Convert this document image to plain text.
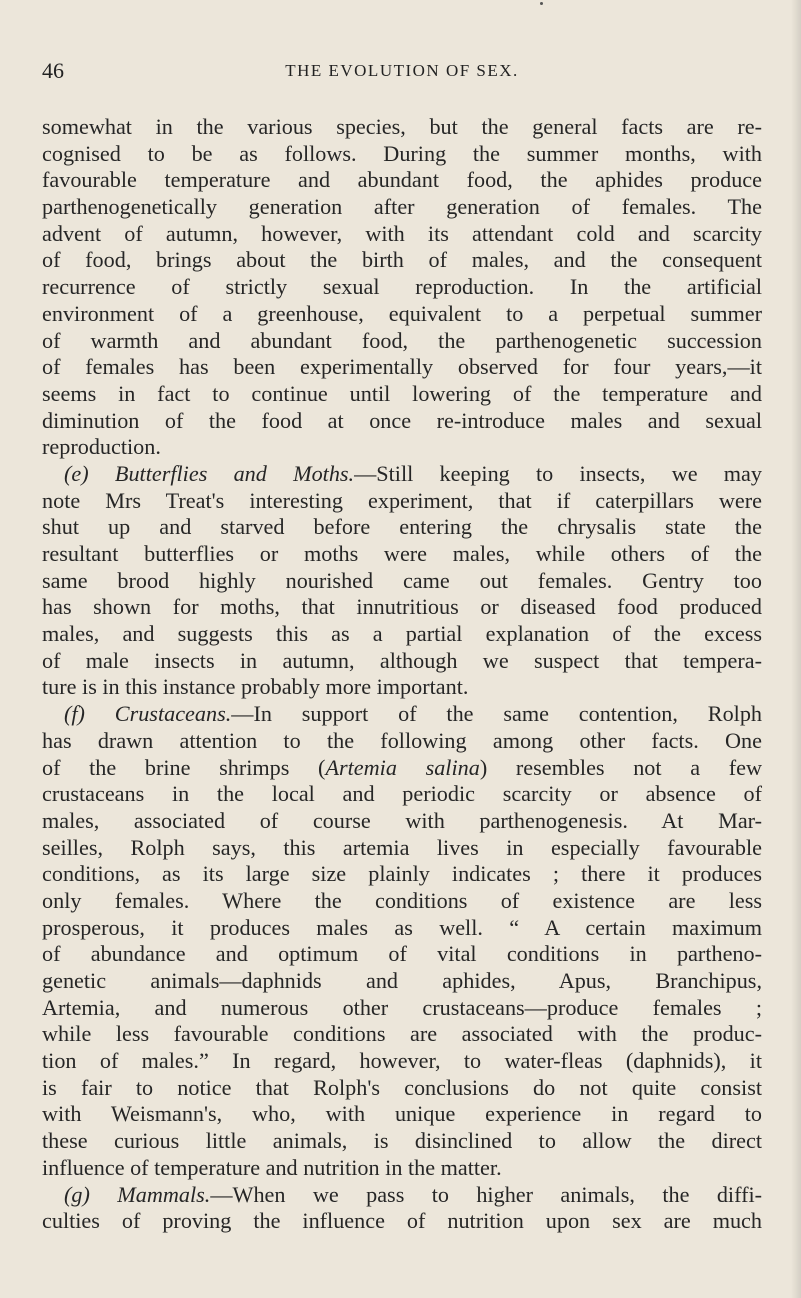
46	THE EVOLUTION OF SEX.
somewhat in the various species, but the general facts are re-
cognised to be as follows. During the summer months, with
favourable temperature and abundant food, the aphides produce
parthenogenetically generation after generation of females. The
advent of autumn, however, with its attendant cold and scarcity
of food, brings about the birth of males, and the consequent
recurrence of strictly sexual reproduction. In the artificial
environment of a greenhouse, equivalent to a perpetual summer
of warmth and abundant food, the parthenogenetic succession
of females has been experimentally observed for four years,—it
seems in fact to continue until lowering of the temperature and
diminution of the food at once re-introduce males and sexual
reproduction.
(e) Butterflies and Moths.—Still keeping to insects, we may
note Mrs Treat's interesting experiment, that if caterpillars were
shut up and starved before entering the chrysalis state the
resultant butterflies or moths were males, while others of the
same brood highly nourished came out females. Gentry too
has shown for moths, that innutritious or diseased food produced
males, and suggests this as a partial explanation of the excess
of male insects in autumn, although we suspect that tempera-
ture is in this instance probably more important.
(f) Crustaceans.—In support of the same contention, Rolph
has drawn attention to the following among other facts. One
of the brine shrimps (Artemia salina) resembles not a few
crustaceans in the local and periodic scarcity or absence of
males, associated of course with parthenogenesis. At Mar-
seilles, Rolph says, this artemia lives in especially favourable
conditions, as its large size plainly indicates ; there it produces
only females. Where the conditions of existence are less
prosperous, it produces males as well. “ A certain maximum
of abundance and optimum of vital conditions in partheno-
genetic animals—daphnids and aphides, Apus, Branchipus,
Artemia, and numerous other crustaceans—produce females ;
while less favourable conditions are associated with the produc-
tion of males.” In regard, however, to water-fleas (daphnids), it
is fair to notice that Rolph's conclusions do not quite consist
with Weismann's, who, with unique experience in regard to
these curious little animals, is disinclined to allow the direct
influence of temperature and nutrition in the matter.
(g) Mammals.—When we pass to higher animals, the diffi-
culties of proving the influence of nutrition upon sex are much
